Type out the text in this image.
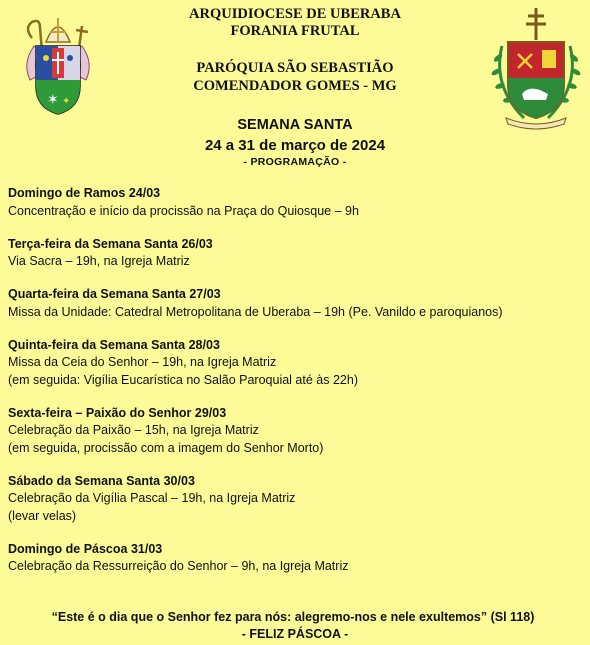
✶ ✦
ARQUIDIOCESE DE UBERABA
FORANIA FRUTAL
PARÓQUIA SÃO SEBASTIÃO
COMENDADOR GOMES - MG
SEMANA SANTA
24 a 31 de março de 2024
- PROGRAMAÇÃO -
Domingo de Ramos 24/03
Concentração e início da procissão na Praça do Quiosque – 9h
Terça-feira da Semana Santa 26/03
Via Sacra – 19h, na Igreja Matriz
Quarta-feira da Semana Santa 27/03
Missa da Unidade: Catedral Metropolitana de Uberaba – 19h (Pe. Vanildo e paroquianos)
Quinta-feira da Semana Santa 28/03
Missa da Ceia do Senhor – 19h, na Igreja Matriz
(em seguida: Vigília Eucarística no Salão Paroquial até às 22h)
Sexta-feira – Paixão do Senhor 29/03
Celebração da Paixão – 15h, na Igreja Matriz
(em seguida, procissão com a imagem do Senhor Morto)
Sábado da Semana Santa 30/03
Celebração da Vigília Pascal – 19h, na Igreja Matriz
(levar velas)
Domingo de Páscoa 31/03
Celebração da Ressurreição do Senhor – 9h, na Igreja Matriz
“Este é o dia que o Senhor fez para nós: alegremo-nos e nele exultemos” (Sl 118)
- FELIZ PÁSCOA -
